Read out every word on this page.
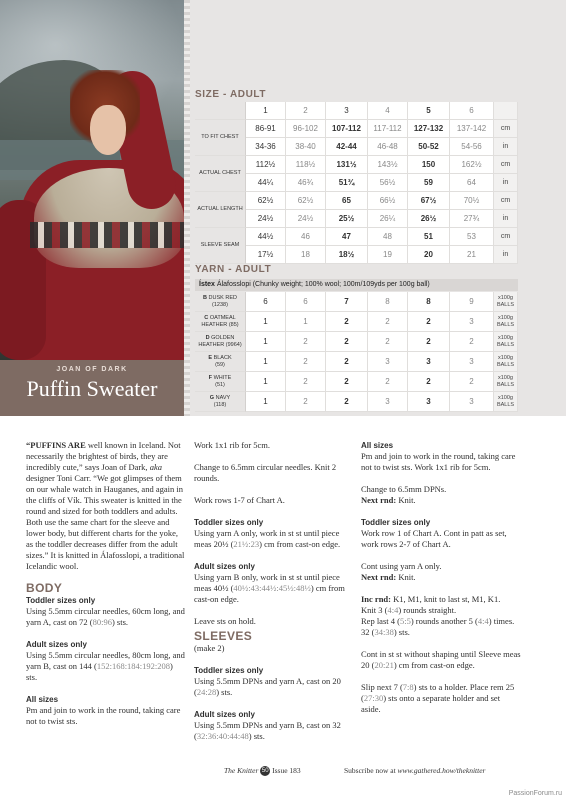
JOAN OF DARK
Puffin Sweater
SIZE - ADULT
	1	2	3	4	5	6	
TO FIT CHEST	86-91	96-102	107-112	117-112	127-132	137-142	cm
	34-36	38-40	42-44	46-48	50-52	54-56	in
ACTUAL CHEST	112½	118½	131½	143½	150	162½	cm
	44¼	46¾	51¾	56½	59	64	in
ACTUAL LENGTH	62½	62½	65	66½	67½	70½	cm
	24½	24½	25½	26¼	26½	27¾	in
SLEEVE SEAM	44½	46	47	48	51	53	cm
	17½	18	18½	19	20	21	in
YARN - ADULT
Ístex Álafosslopi (Chunky weight; 100% wool; 100m/109yds per 100g ball)
B DUSK RED
(1238)	6	6	7	8	8	9	x100g BALLS
C OATMEAL HEATHER (85)	1	1	2	2	2	3	x100g BALLS
D GOLDEN HEATHER (9964)	1	2	2	2	2	2	x100g BALLS
E BLACK
(59)	1	2	2	3	3	3	x100g BALLS
F WHITE
(51)	1	2	2	2	2	2	x100g BALLS
G NAVY
(118)	1	2	2	3	3	3	x100g BALLS

“PUFFINS ARE well known in Iceland. Not necessarily the brightest of birds, they are incredibly cute,” says Joan of Dark, aka designer Toni Carr. “We got glimpses of them on our whale watch in Hauganes, and again in the cliffs of Vík. This sweater is knitted in the round and sized for both toddlers and adults. Both use the same chart for the sleeve and lower body, but different charts for the yoke, as the toddler decreases differ from the adult sizes.” It is knitted in Álafosslopi, a traditional Icelandic wool.

BODY
Toddler sizes only

Using 5.5mm circular needles, 60cm long, and yarn A, cast on 72 (80:96) sts.

Adult sizes only

Using 5.5mm circular needles, 80cm long, and yarn B, cast on 144 (152:168:184:192:208) sts.

All sizes

Pm and join to work in the round, taking care not to twist sts.

Work 1x1 rib for 5cm.

Change to 6.5mm circular needles. Knit 2 rounds.

Work rows 1-7 of Chart A.

Toddler sizes only

Using yarn A only, work in st st until piece meas 20½ (21½:23) cm from cast-on edge.

Adult sizes only

Using yarn B only, work in st st until piece meas 40½ (40½:43:44½:45½:48½) cm from cast-on edge.

Leave sts on hold.

SLEEVES

(make 2)

Toddler sizes only

Using 5.5mm DPNs and yarn A, cast on 20 (24:28) sts.

Adult sizes only

Using 5.5mm DPNs and yarn B, cast on 32 (32:36:40:44:48) sts.

All sizes

Pm and join to work in the round, taking care not to twist sts. Work 1x1 rib for 5cm.

Change to 6.5mm DPNs.
Next rnd: Knit.

Toddler sizes only

Work row 1 of Chart A. Cont in patt as set, work rows 2-7 of Chart A.

Cont using yarn A only.
Next rnd: Knit.

Inc rnd: K1, M1, knit to last st, M1, K1.
Knit 3 (4:4) rounds straight.
Rep last 4 (5:5) rounds another 5 (4:4) times.
32 (34:38) sts.

Cont in st st without shaping until Sleeve meas 20 (20:21) cm from cast-on edge.

Slip next 7 (7:8) sts to a holder. Place rem 25 (27:30) sts onto a separate holder and set aside.

The Knitter 50 Issue 183	Subscribe now at www.gathered.how/theknitter
PassionForum.ru
